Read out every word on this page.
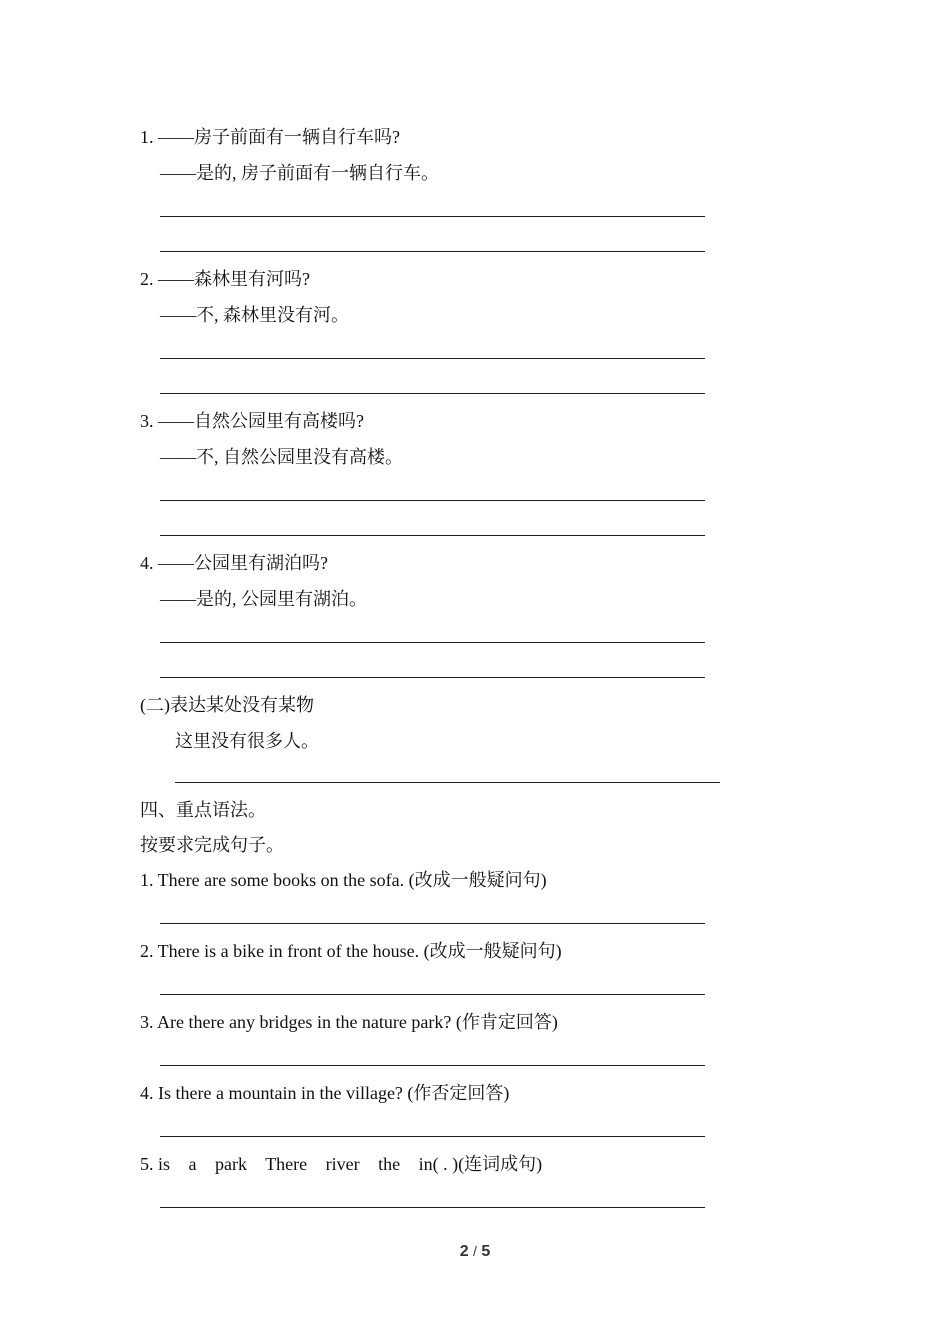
1. ——房子前面有一辆自行车吗?
——是的, 房子前面有一辆自行车。
2. ——森林里有河吗?
——不, 森林里没有河。
3. ——自然公园里有高楼吗?
——不, 自然公园里没有高楼。
4. ——公园里有湖泊吗?
——是的, 公园里有湖泊。
(二)表达某处没有某物
这里没有很多人。
四、重点语法。
按要求完成句子。
1. There are some books on the sofa. (改成一般疑问句)
2. There is a bike in front of the house. (改成一般疑问句)
3. Are there any bridges in the nature park? (作肯定回答)
4. Is there a mountain in the village? (作否定回答)
5. is a park There river the in( . )(连词成句)
2 / 5
